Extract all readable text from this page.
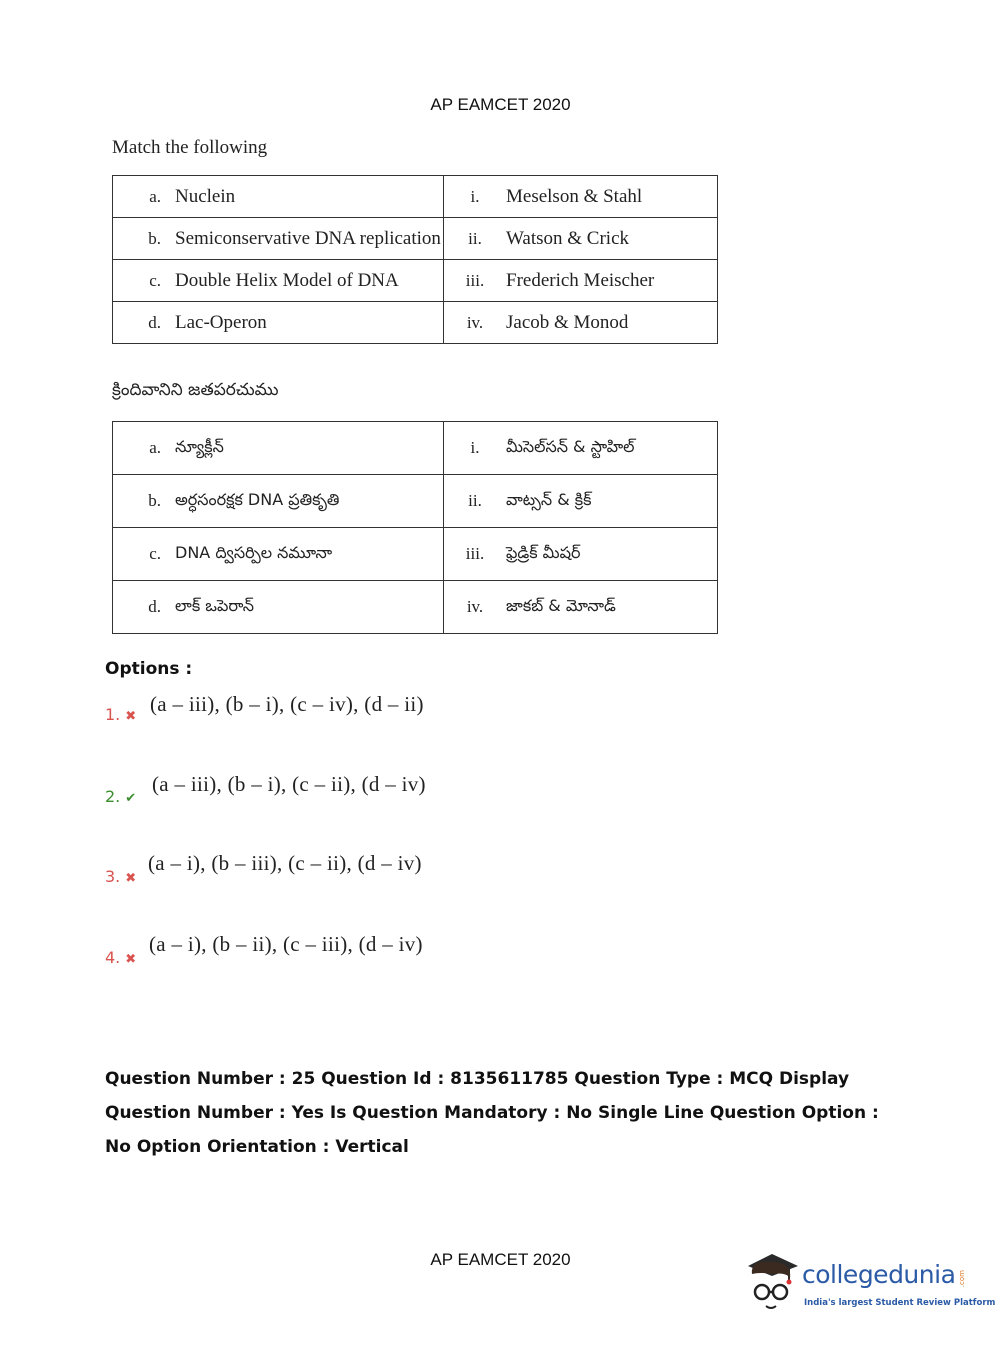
AP EAMCET 2020
Match the following
a. Nuclein	i. Meselson & Stahl

b. Semiconservative DNA replication	ii. Watson & Crick

c. Double Helix Model of DNA	iii. Frederich Meischer

d. Lac-Operon	iv. Jacob & Monod
క్రిందివానిని జతపరచుము
a. న్యూక్లీన్	i. మీసెల్‌సన్ & స్టాహిల్

b. అర్ధసంరక్షక DNA ప్రతికృతి	ii. వాట్సన్ & క్రిక్

c. DNA ద్విసర్పిల నమూనా	iii. ఫ్రెడ్రిక్ మీషర్

d. లాక్ ఒపెరాన్	iv. జాకబ్ & మోనాడ్
Options :
1. ✖
(a – iii), (b – i), (c – iv), (d – ii)
2. ✔
(a – iii), (b – i), (c – ii), (d – iv)
3. ✖
(a – i), (b – iii), (c – ii), (d – iv)
4. ✖
(a – i), (b – ii), (c – iii), (d – iv)
Question Number : 25 Question Id : 8135611785 Question Type : MCQ Display Question Number : Yes Is Question Mandatory : No Single Line Question Option : No Option Orientation : Vertical
AP EAMCET 2020
collegedunia
India's largest Student Review Platform
.com
